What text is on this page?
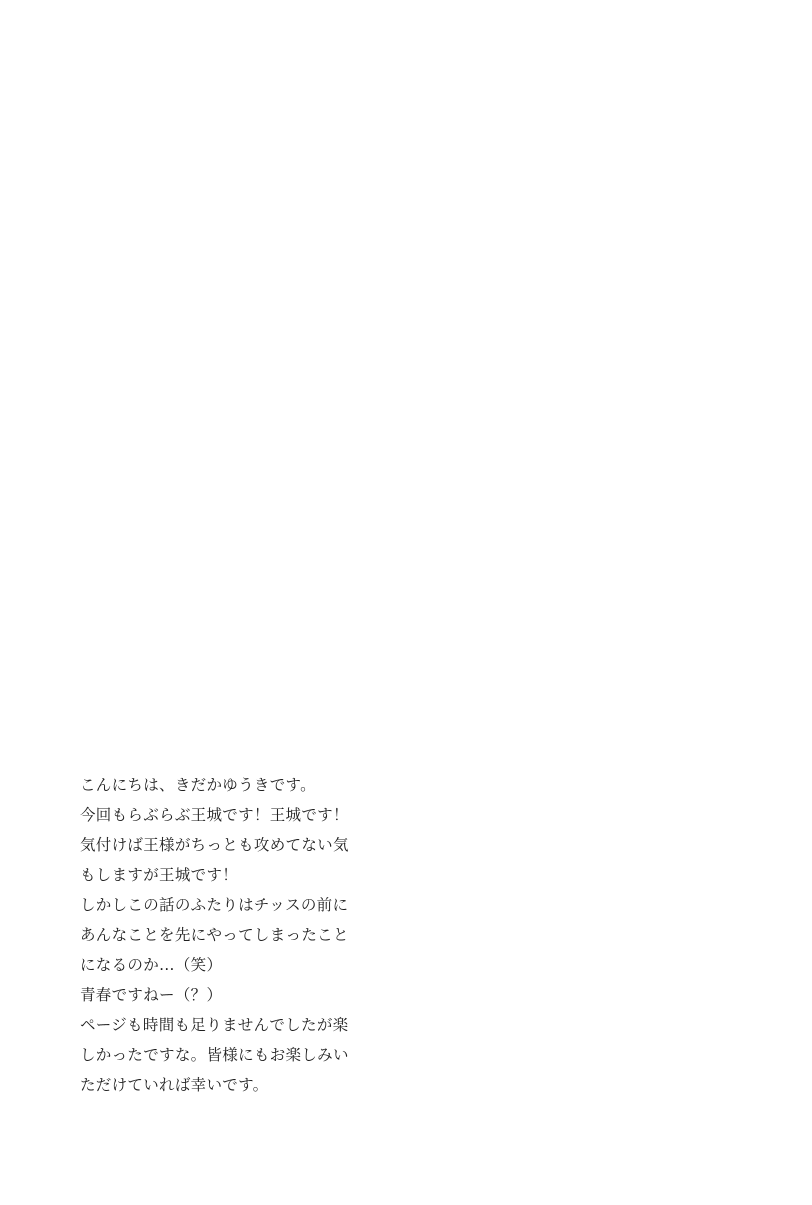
こんにちは、きだかゆうきです。
今回もらぶらぶ王城です！王城です！
気付けば王様がちっとも攻めてない気
もしますが王城です！
しかしこの話のふたりはチッスの前に
あんなことを先にやってしまったこと
になるのか…（笑）
青春ですねー（？）
ページも時間も足りませんでしたが楽
しかったですな。皆様にもお楽しみい
ただけていれば幸いです。
